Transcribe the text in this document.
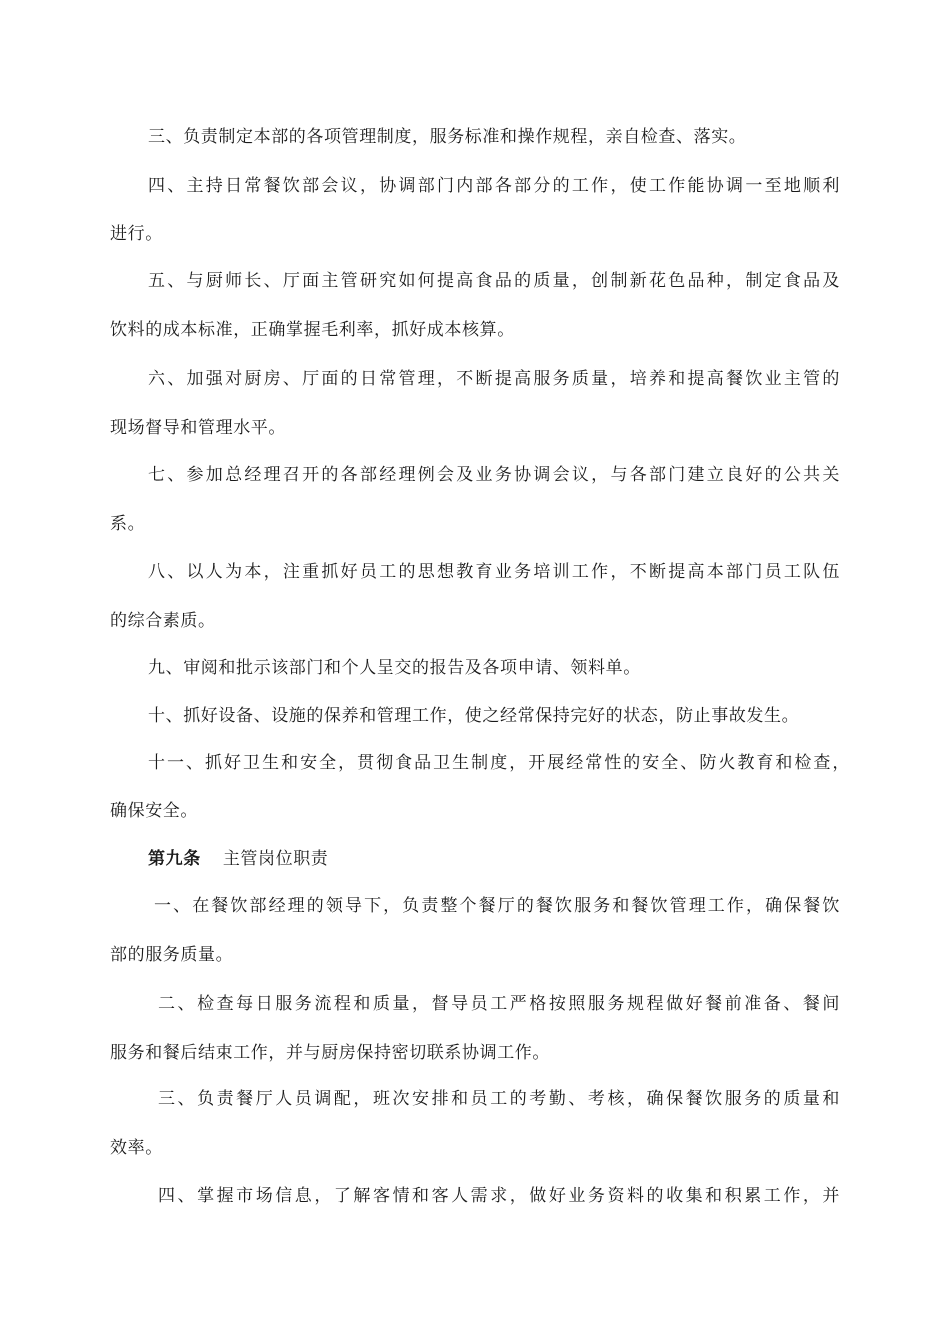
三、负责制定本部的各项管理制度，服务标准和操作规程，亲自检查、落实。
四、主持日常餐饮部会议，协调部门内部各部分的工作，使工作能协调一至地顺利
进行。
五、与厨师长、厅面主管研究如何提高食品的质量，创制新花色品种，制定食品及
饮料的成本标准，正确掌握毛利率，抓好成本核算。
六、加强对厨房、厅面的日常管理，不断提高服务质量，培养和提高餐饮业主管的
现场督导和管理水平。
七、参加总经理召开的各部经理例会及业务协调会议，与各部门建立良好的公共关
系。
八、以人为本，注重抓好员工的思想教育业务培训工作，不断提高本部门员工队伍
的综合素质。
九、审阅和批示该部门和个人呈交的报告及各项申请、领料单。
十、抓好设备、设施的保养和管理工作，使之经常保持完好的状态，防止事故发生。
十一、抓好卫生和安全，贯彻食品卫生制度，开展经常性的安全、防火教育和检查，
确保安全。
第九条 主管岗位职责
一、在餐饮部经理的领导下，负责整个餐厅的餐饮服务和餐饮管理工作，确保餐饮
部的服务质量。
二、检查每日服务流程和质量，督导员工严格按照服务规程做好餐前准备、餐间
服务和餐后结束工作，并与厨房保持密切联系协调工作。
三、负责餐厅人员调配，班次安排和员工的考勤、考核，确保餐饮服务的质量和
效率。
四、掌握市场信息，了解客情和客人需求，做好业务资料的收集和积累工作，并
